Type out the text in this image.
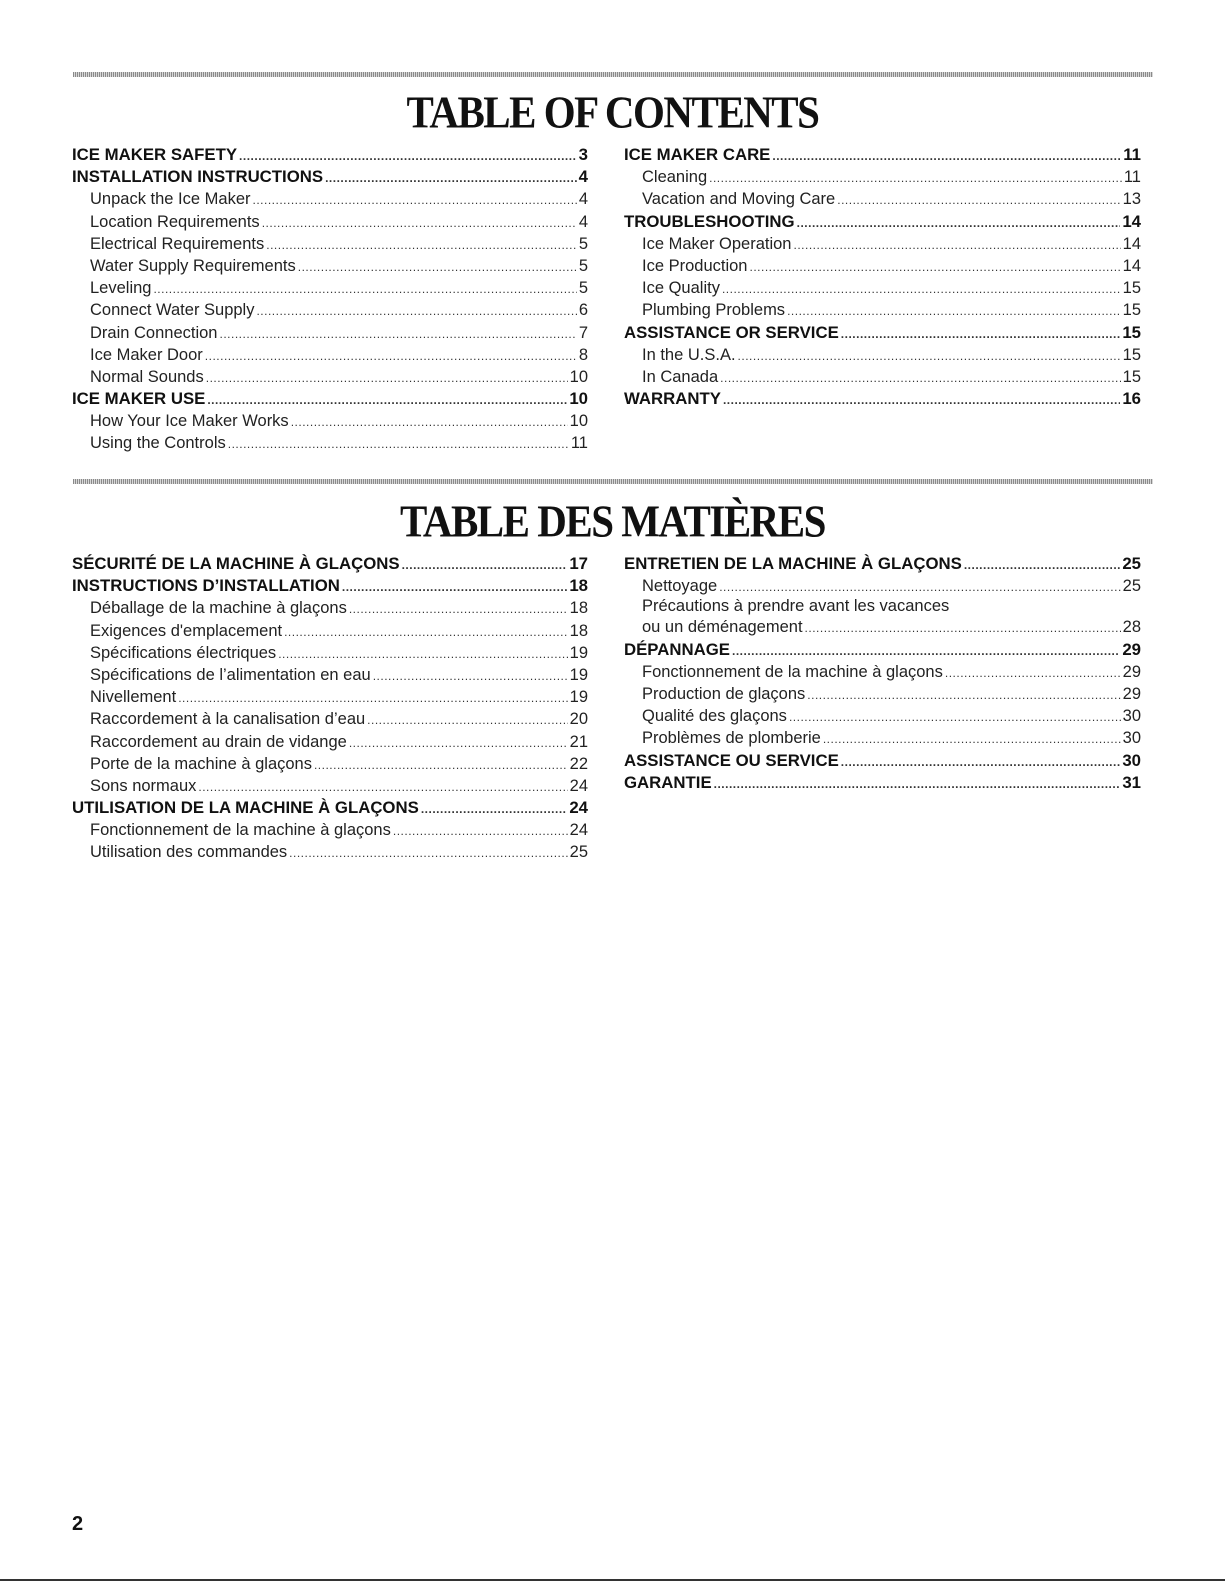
TABLE OF CONTENTS
ICE MAKER SAFETY .....	3
INSTALLATION INSTRUCTIONS .....	4
Unpack the Ice Maker .....	4
Location Requirements .....	4
Electrical Requirements .....	5
Water Supply Requirements .....	5
Leveling .....	5
Connect Water Supply .....	6
Drain Connection .....	7
Ice Maker Door .....	8
Normal Sounds .....	10
ICE MAKER USE .....	10
How Your Ice Maker Works .....	10
Using the Controls .....	11
ICE MAKER CARE .....	11
Cleaning .....	11
Vacation and Moving Care .....	13
TROUBLESHOOTING .....	14
Ice Maker Operation .....	14
Ice Production .....	14
Ice Quality .....	15
Plumbing Problems .....	15
ASSISTANCE OR SERVICE .....	15
In the U.S.A. .....	15
In Canada .....	15
WARRANTY .....	16
TABLE DES MATIÈRES
SÉCURITÉ DE LA MACHINE À GLAÇONS .....	17
INSTRUCTIONS D’INSTALLATION .....	18
Déballage de la machine à glaçons .....	18
Exigences d'emplacement .....	18
Spécifications électriques .....	19
Spécifications de l’alimentation en eau .....	19
Nivellement .....	19
Raccordement à la canalisation d’eau .....	20
Raccordement au drain de vidange .....	21
Porte de la machine à glaçons .....	22
Sons normaux .....	24
UTILISATION DE LA MACHINE À GLAÇONS .....	24
Fonctionnement de la machine à glaçons .....	24
Utilisation des commandes .....	25
ENTRETIEN DE LA MACHINE À GLAÇONS .....	25
Nettoyage .....	25
Précautions à prendre avant les vacances
ou un déménagement .....	28
DÉPANNAGE .....	29
Fonctionnement de la machine à glaçons .....	29
Production de glaçons .....	29
Qualité des glaçons .....	30
Problèmes de plomberie .....	30
ASSISTANCE OU SERVICE .....	30
GARANTIE .....	31
2
